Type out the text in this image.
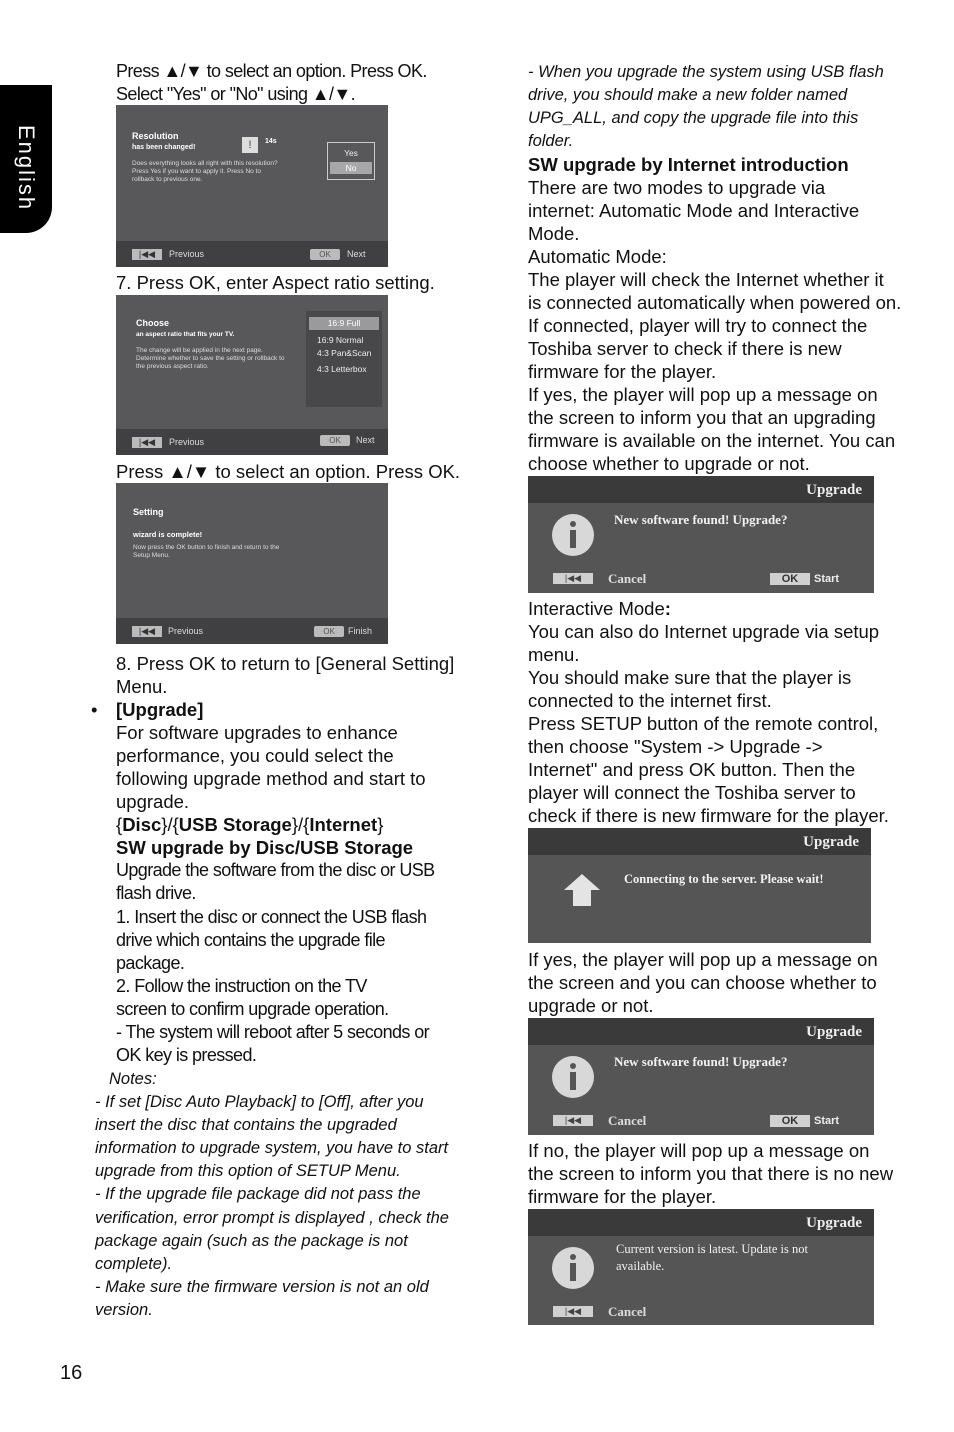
English

Press ▲/▼ to select an option. Press OK.

Select "Yes" or "No" using ▲/▼.

Resolution
has been changed!	!	14s
Does everything looks all right with this resolution? Press Yes if you want to apply it. Press No to rollback to previous one.
Yes
No
|◀◀	Previous	OK	Next

7. Press OK, enter Aspect ratio setting.

Choose
an aspect ratio that fits your TV.
The change will be applied in the next page. Determine whether to save the setting or rollback to the previous aspect ratio.
16:9 Full
16:9 Normal
4:3 Pan&Scan
4:3 Letterbox
|◀◀	Previous	OK	Next

Press ▲/▼ to select an option. Press OK.

Setting
wizard is complete!
Now press the OK button to finish and return to the Setup Menu.
|◀◀	Previous	OK	Finish

8. Press OK to return to [General Setting]

Menu.

• [Upgrade]

For software upgrades to enhance

performance, you could select the

following upgrade method and start to

upgrade.

{Disc}/{USB Storage}/{Internet}

SW upgrade by Disc/USB Storage

Upgrade the software from the disc or USB

flash drive.

1. Insert the disc or connect the USB flash

drive which contains the upgrade file

package.

2. Follow the instruction on the TV

screen to confirm upgrade operation.

- The system will reboot after 5 seconds or

OK key is pressed.

Notes:

- If set [Disc Auto Playback] to [Off], after you

insert the disc that contains the upgraded

information to upgrade system, you have to start

upgrade from this option of SETUP Menu.

- If the upgrade file package did not pass the

verification, error prompt is displayed , check the

package again (such as the package is not

complete).

- Make sure the firmware version is not an old

version.

16

- When you upgrade the system using USB flash

drive, you should make a new folder named

UPG_ALL, and copy the upgrade file into this

folder.

SW upgrade by Internet introduction

There are two modes to upgrade via

internet: Automatic Mode and Interactive

Mode.

Automatic Mode:

The player will check the Internet whether it

is connected automatically when powered on.

If connected, player will try to connect the

Toshiba server to check if there is new

firmware for the player.

If yes, the player will pop up a message on

the screen to inform you that an upgrading

firmware is available on the internet. You can

choose whether to upgrade or not.

Upgrade
New software found! Upgrade?
|◀◀	Cancel	OK	Start

Interactive Mode:

You can also do Internet upgrade via setup

menu.

You should make sure that the player is

connected to the internet first.

Press SETUP button of the remote control,

then choose "System -> Upgrade ->

Internet" and press OK button. Then the

player will connect the Toshiba server to

check if there is new firmware for the player.

Upgrade
Connecting to the server. Please wait!

If yes, the player will pop up a message on

the screen and you can choose whether to

upgrade or not.

Upgrade
New software found! Upgrade?
|◀◀	Cancel	OK	Start

If no, the player will pop up a message on

the screen to inform you that there is no new

firmware for the player.

Upgrade
Current version is latest. Update is not
available.
|◀◀	Cancel
